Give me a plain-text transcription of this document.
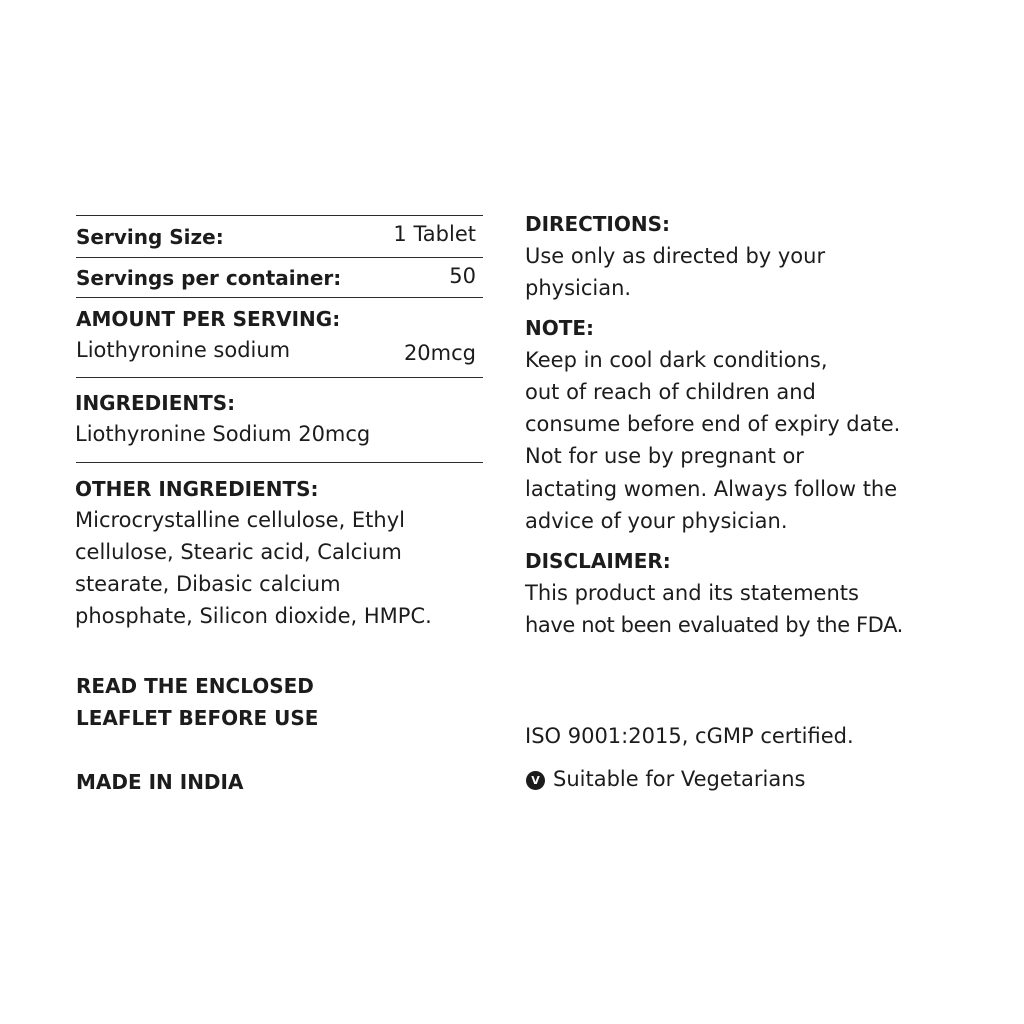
Serving Size:	1 Tablet
Servings per container:	50
AMOUNT PER SERVING:
Liothyronine sodium	20mcg
INGREDIENTS:
Liothyronine Sodium 20mcg
OTHER INGREDIENTS:
Microcrystalline cellulose, Ethyl
cellulose, Stearic acid, Calcium
stearate, Dibasic calcium
phosphate, Silicon dioxide, HMPC.
READ THE ENCLOSED
LEAFLET BEFORE USE
MADE IN INDIA
DIRECTIONS:
Use only as directed by your
physician.
NOTE:
Keep in cool dark conditions,
out of reach of children and
consume before end of expiry date.
Not for use by pregnant or
lactating women. Always follow the
advice of your physician.
DISCLAIMER:
This product and its statements
have not been evaluated by the FDA.
ISO 9001:2015, cGMP certified.
V Suitable for Vegetarians
